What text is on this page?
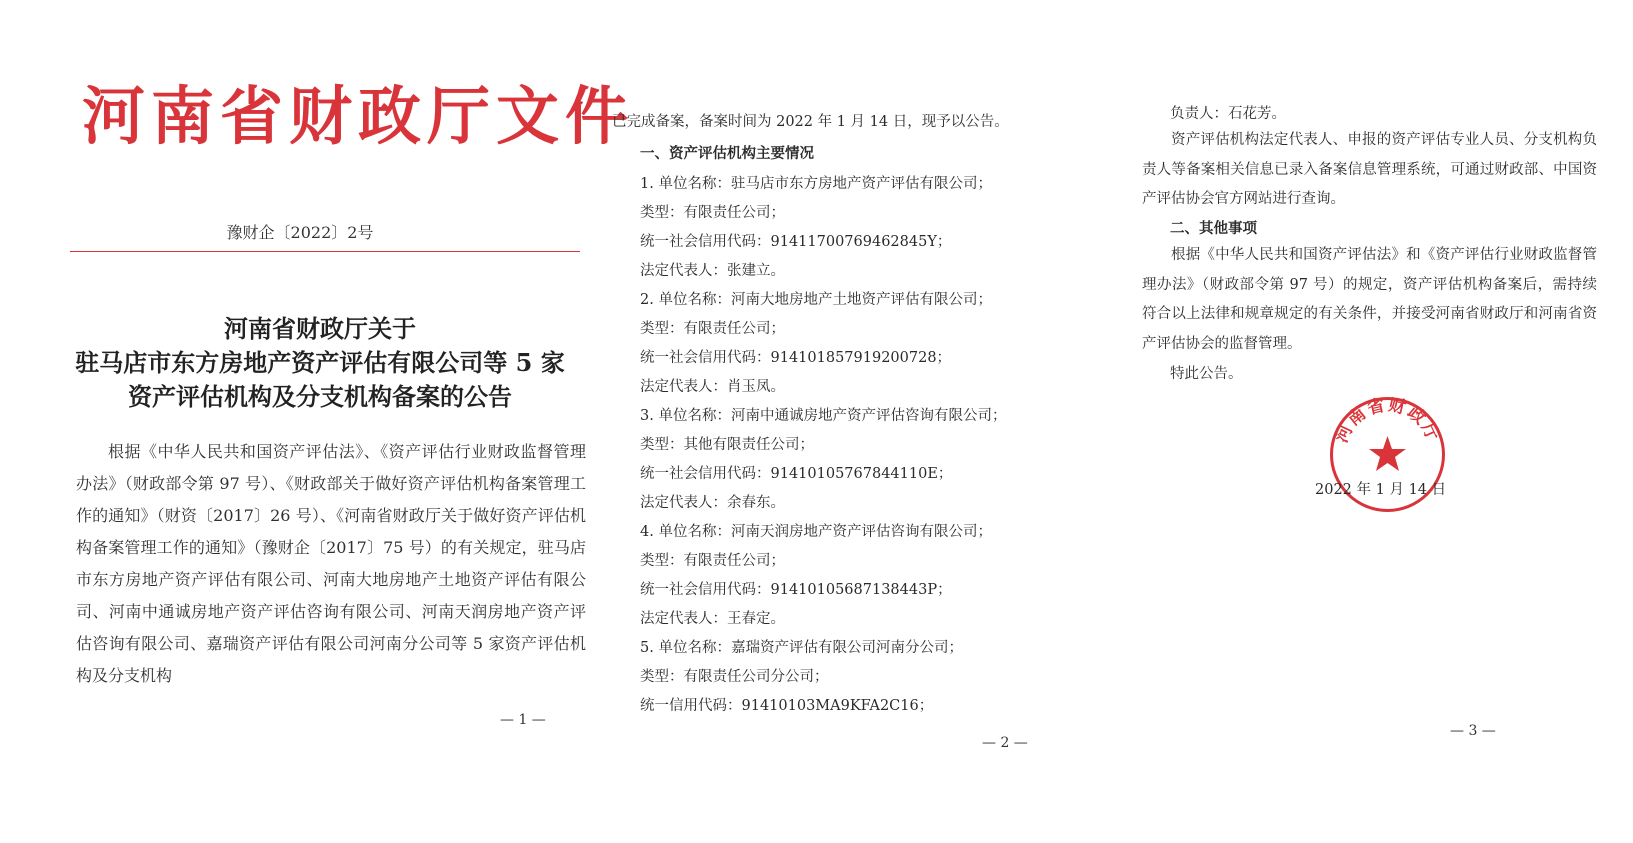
河南省财政厅文件
豫财企〔2022〕2号
河南省财政厅关于
驻马店市东方房地产资产评估有限公司等 5 家
资产评估机构及分支机构备案的公告

根据《中华人民共和国资产评估法》、《资产评估行业财政监督管理办法》（财政部令第 97 号）、《财政部关于做好资产评估机构备案管理工作的通知》（财资〔2017〕26 号）、《河南省财政厅关于做好资产评估机构备案管理工作的通知》（豫财企〔2017〕75 号）的有关规定，驻马店市东方房地产资产评估有限公司、河南大地房地产土地资产评估有限公司、河南中通诚房地产资产评估咨询有限公司、河南天润房地产资产评估咨询有限公司、嘉瑞资产评估有限公司河南分公司等 5 家资产评估机构及分支机构

— 1 —

已完成备案，备案时间为 2022 年 1 月 14 日，现予以公告。

一、资产评估机构主要情况

1. 单位名称：驻马店市东方房地产资产评估有限公司；
类型：有限责任公司；
统一社会信用代码：91411700769462845Y；
法定代表人：张建立。
2. 单位名称：河南大地房地产土地资产评估有限公司；
类型：有限责任公司；
统一社会信用代码：914101857919200728；
法定代表人：肖玉凤。
3. 单位名称：河南中通诚房地产资产评估咨询有限公司；
类型：其他有限责任公司；
统一社会信用代码：91410105767844110E；
法定代表人：余春东。
4. 单位名称：河南天润房地产资产评估咨询有限公司；
类型：有限责任公司；
统一社会信用代码：91410105687138443P；
法定代表人：王春定。
5. 单位名称：嘉瑞资产评估有限公司河南分公司；
类型：有限责任公司分公司；
统一信用代码：91410103MA9KFA2C16；
— 2 —

负责人：石花芳。

资产评估机构法定代表人、申报的资产评估专业人员、分支机构负责人等备案相关信息已录入备案信息管理系统，可通过财政部、中国资产评估协会官方网站进行查询。

二、其他事项

根据《中华人民共和国资产评估法》和《资产评估行业财政监督管理办法》（财政部令第 97 号）的规定，资产评估机构备案后，需持续符合以上法律和规章规定的有关条件，并接受河南省财政厅和河南省资产评估协会的监督管理。

特此公告。

河南省财政厅
2022 年 1 月 14 日
— 3 —
